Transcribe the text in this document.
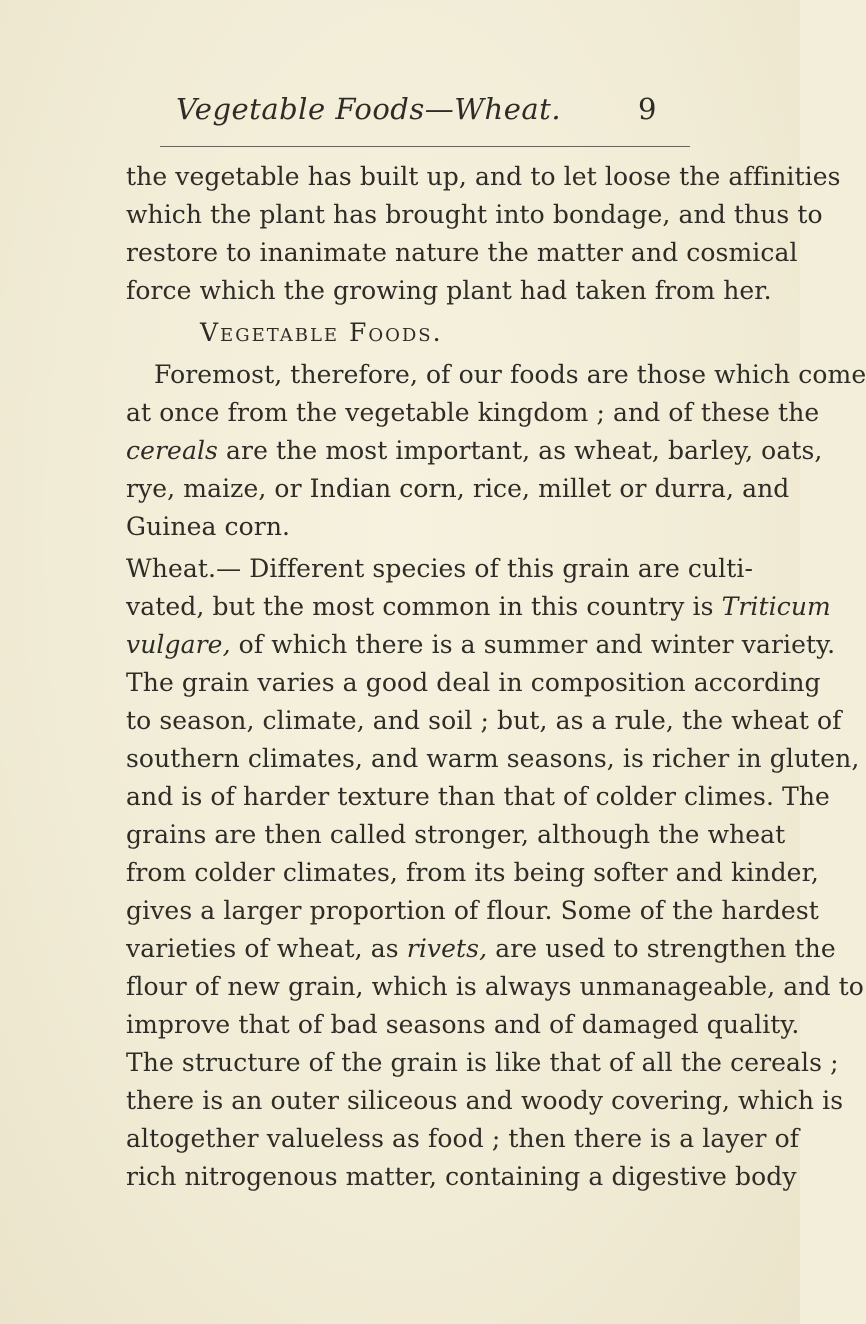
Vegetable Foods—Wheat.	9
the vegetable has built up, and to let loose the affinities
which the plant has brought into bondage, and thus to
restore to inanimate nature the matter and cosmical
force which the growing plant had taken from her.
Vegetable Foods.
Foremost, therefore, of our foods are those which come
at once from the vegetable kingdom ; and of these the
cereals are the most important, as wheat, barley, oats,
rye, maize, or Indian corn, rice, millet or durra, and
Guinea corn.
Wheat.— Different species of this grain are culti-
vated, but the most common in this country is Triticum
vulgare, of which there is a summer and winter variety.
The grain varies a good deal in composition according
to season, climate, and soil ; but, as a rule, the wheat of
southern climates, and warm seasons, is richer in gluten,
and is of harder texture than that of colder climes. The
grains are then called stronger, although the wheat
from colder climates, from its being softer and kinder,
gives a larger proportion of flour. Some of the hardest
varieties of wheat, as rivets, are used to strengthen the
flour of new grain, which is always unmanageable, and to
improve that of bad seasons and of damaged quality.
The structure of the grain is like that of all the cereals ;
there is an outer siliceous and woody covering, which is
altogether valueless as food ; then there is a layer of
rich nitrogenous matter, containing a digestive body
